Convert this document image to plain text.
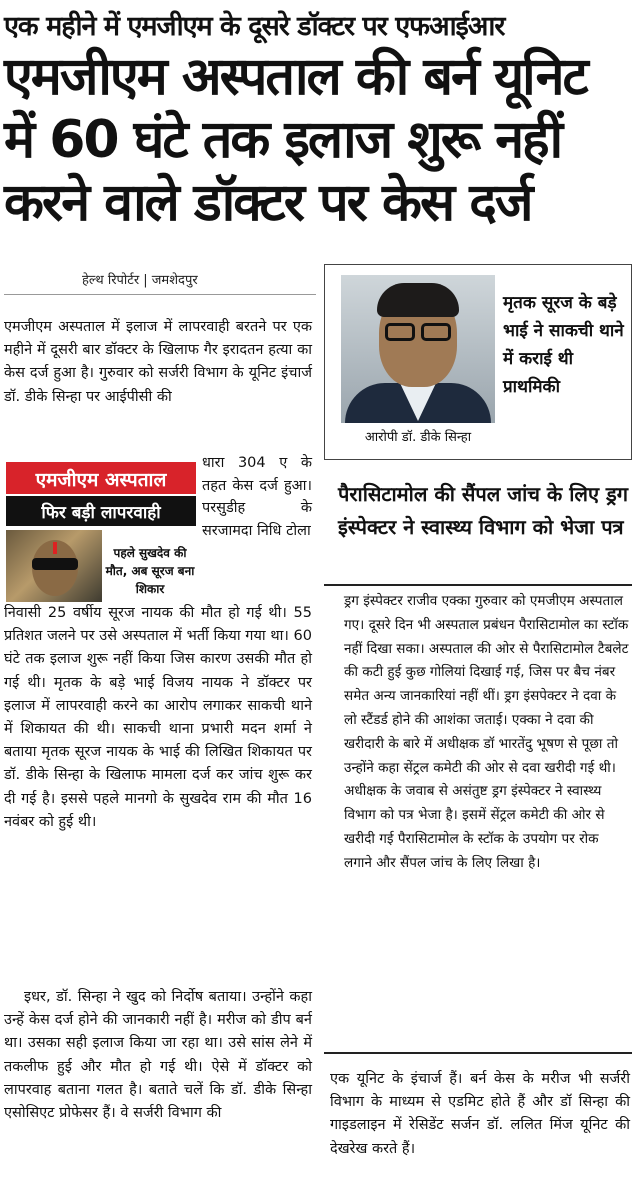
एक महीने में एमजीएम के दूसरे डॉक्टर पर एफआईआर
एमजीएम अस्पताल की बर्न यूनिट में 60 घंटे तक इलाज शुरू नहीं करने वाले डॉक्टर पर केस दर्ज
हेल्थ रिपोर्टर | जमशेदपुर
एमजीएम अस्पताल में इलाज में लापरवाही बरतने पर एक महीने में दूसरी बार डॉक्टर के खिलाफ गैर इरादतन हत्या का केस दर्ज हुआ है। गुरुवार को सर्जरी विभाग के यूनिट इंचार्ज डॉ. डीके सिन्हा पर आईपीसी की
एमजीएम अस्पताल
फिर बड़ी लापरवाही
पहले सुखदेव की मौत, अब सूरज बना शिकार
धारा 304 ए के तहत केस दर्ज हुआ। परसुडीह के सरजामदा निधि टोला
निवासी 25 वर्षीय सूरज नायक की मौत हो गई थी। 55 प्रतिशत जलने पर उसे अस्पताल में भर्ती किया गया था। 60 घंटे तक इलाज शुरू नहीं किया जिस कारण उसकी मौत हो गई थी। मृतक के बड़े भाई विजय नायक ने डॉक्टर पर इलाज में लापरवाही करने का आरोप लगाकर साकची थाने में शिकायत की थी। साकची थाना प्रभारी मदन शर्मा ने बताया मृतक सूरज नायक के भाई की लिखित शिकायत पर डॉ. डीके सिन्हा के खिलाफ मामला दर्ज कर जांच शुरू कर दी गई है। इससे पहले मानगो के सुखदेव राम की मौत 16 नवंबर को हुई थी।
इधर, डॉ. सिन्हा ने खुद को निर्दोष बताया। उन्होंने कहा उन्हें केस दर्ज होने की जानकारी नहीं है। मरीज को डीप बर्न था। उसका सही इलाज किया जा रहा था। उसे सांस लेने में तकलीफ हुई और मौत हो गई थी। ऐसे में डॉक्टर को लापरवाह बताना गलत है। बताते चलें कि डॉ. डीके सिन्हा एसोसिएट प्रोफेसर हैं। वे सर्जरी विभाग की
आरोपी डॉ. डीके सिन्हा
मृतक सूरज के बड़े भाई ने साकची थाने में कराई थी प्राथमिकी
पैरासिटामोल की सैंपल जांच के लिए ड्रग इंस्पेक्टर ने स्वास्थ्य विभाग को भेजा पत्र
ड्रग इंस्पेक्टर राजीव एक्का गुरुवार को एमजीएम अस्पताल गए। दूसरे दिन भी अस्पताल प्रबंधन पैरासिटामोल का स्टॉक नहीं दिखा सका। अस्पताल की ओर से पैरासिटामोल टैबलेट की कटी हुई कुछ गोलियां दिखाई गई, जिस पर बैच नंबर समेत अन्य जानकारियां नहीं थीं। ड्रग इंसपेक्टर ने दवा के लो स्टैंडर्ड होने की आशंका जताई। एक्का ने दवा की खरीदारी के बारे में अधीक्षक डॉ भारतेंदु भूषण से पूछा तो उन्होंने कहा सेंट्रल कमेटी की ओर से दवा खरीदी गई थी। अधीक्षक के जवाब से असंतुष्ट ड्रग इंस्पेक्टर ने स्वास्थ्य विभाग को पत्र भेजा है। इसमें सेंट्रल कमेटी की ओर से खरीदी गई पैरासिटामोल के स्टॉक के उपयोग पर रोक लगाने और सैंपल जांच के लिए लिखा है।
एक यूनिट के इंचार्ज हैं। बर्न केस के मरीज भी सर्जरी विभाग के माध्यम से एडमिट होते हैं और डॉ सिन्हा की गाइडलाइन में रेसिडेंट सर्जन डॉ. ललित मिंज यूनिट की देखरेख करते हैं।
